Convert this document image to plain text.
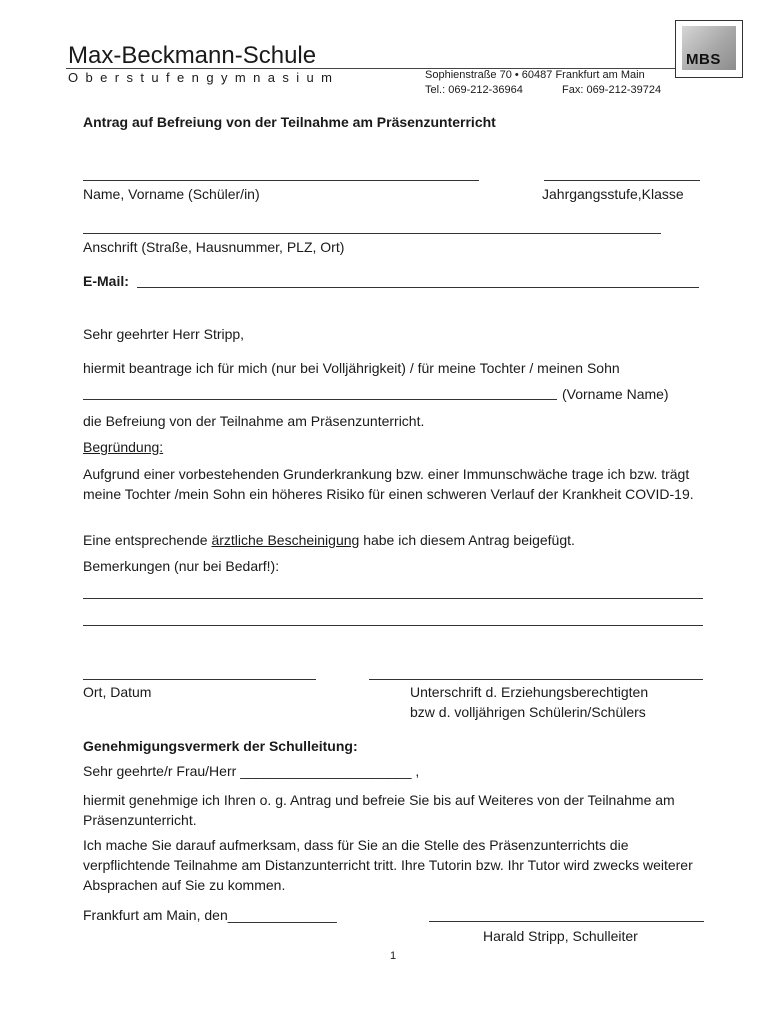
Max-Beckmann-Schule
Oberstufengymnasium	Sophienstraße 70 • 60487 Frankfurt am Main
Tel.: 069-212-36964	Fax: 069-212-39724
MBS
Antrag auf Befreiung von der Teilnahme am Präsenzunterricht
Name, Vorname (Schüler/in)	Jahrgangsstufe,Klasse
Anschrift (Straße, Hausnummer, PLZ, Ort)
E-Mail:
Sehr geehrter Herr Stripp,
hiermit beantrage ich für mich (nur bei Volljährigkeit) / für meine Tochter / meinen Sohn
(Vorname Name)
die Befreiung von der Teilnahme am Präsenzunterricht.
Begründung:
Aufgrund einer vorbestehenden Grunderkrankung bzw. einer Immunschwäche trage ich bzw. trägt meine Tochter /mein Sohn ein höheres Risiko für einen schweren Verlauf der Krankheit COVID-19.
Eine entsprechende ärztliche Bescheinigung habe ich diesem Antrag beigefügt.
Bemerkungen (nur bei Bedarf!):
Ort, Datum	Unterschrift d. Erziehungsberechtigten
bzw d. volljährigen Schülerin/Schülers
Genehmigungsvermerk der Schulleitung:
Sehr geehrte/r Frau/Herr ______________________ ,
hiermit genehmige ich Ihren o. g. Antrag und befreie Sie bis auf Weiteres von der Teilnahme am Präsenzunterricht.
Ich mache Sie darauf aufmerksam, dass für Sie an die Stelle des Präsenzunterrichts die verpflichtende Teilnahme am Distanzunterricht tritt. Ihre Tutorin bzw. Ihr Tutor wird zwecks weiterer Absprachen auf Sie zu kommen.
Frankfurt am Main, den______________
Harald Stripp, Schulleiter
1
